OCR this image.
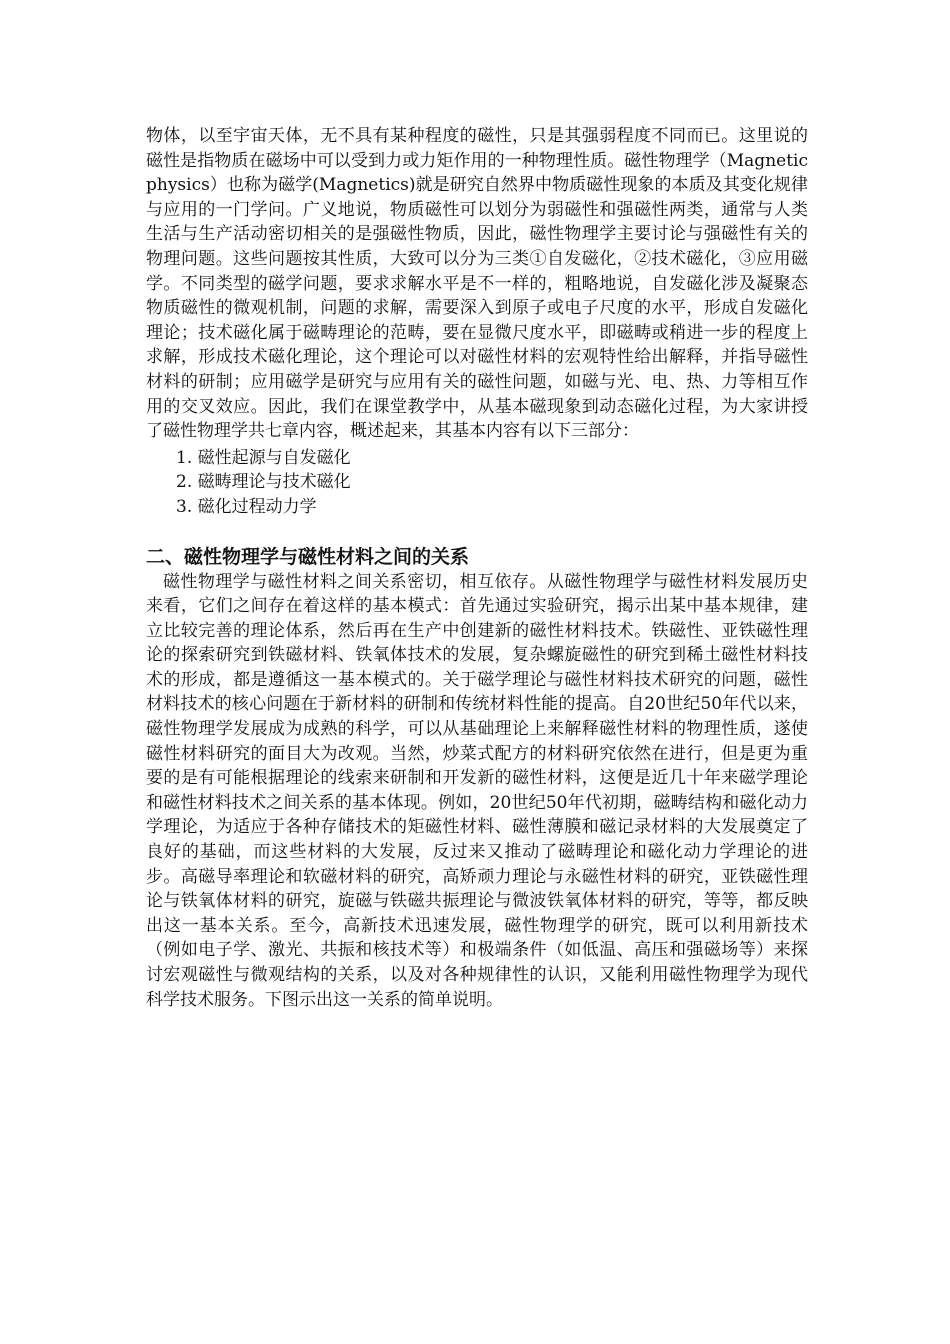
物体，以至宇宙天体，无不具有某种程度的磁性，只是其强弱程度不同而已。这里说的磁性是指物质在磁场中可以受到力或力矩作用的一种物理性质。磁性物理学（Magnetic physics）也称为磁学(Magnetics)就是研究自然界中物质磁性现象的本质及其变化规律与应用的一门学问。广义地说，物质磁性可以划分为弱磁性和强磁性两类，通常与人类生活与生产活动密切相关的是强磁性物质，因此，磁性物理学主要讨论与强磁性有关的物理问题。这些问题按其性质，大致可以分为三类①自发磁化，②技术磁化，③应用磁学。不同类型的磁学问题，要求求解水平是不一样的，粗略地说，自发磁化涉及凝聚态物质磁性的微观机制，问题的求解，需要深入到原子或电子尺度的水平，形成自发磁化理论；技术磁化属于磁畴理论的范畴，要在显微尺度水平，即磁畴或稍进一步的程度上求解，形成技术磁化理论，这个理论可以对磁性材料的宏观特性给出解释，并指导磁性材料的研制；应用磁学是研究与应用有关的磁性问题，如磁与光、电、热、力等相互作用的交叉效应。因此，我们在课堂教学中，从基本磁现象到动态磁化过程，为大家讲授了磁性物理学共七章内容，概述起来，其基本内容有以下三部分：

1. 磁性起源与自发磁化
2. 磁畴理论与技术磁化
3. 磁化过程动力学
二、磁性物理学与磁性材料之间的关系

磁性物理学与磁性材料之间关系密切，相互依存。从磁性物理学与磁性材料发展历史来看，它们之间存在着这样的基本模式：首先通过实验研究，揭示出某中基本规律，建立比较完善的理论体系，然后再在生产中创建新的磁性材料技术。铁磁性、亚铁磁性理论的探索研究到铁磁材料、铁氧体技术的发展，复杂螺旋磁性的研究到稀土磁性材料技术的形成，都是遵循这一基本模式的。关于磁学理论与磁性材料技术研究的问题，磁性材料技术的核心问题在于新材料的研制和传统材料性能的提高。自20世纪50年代以来，磁性物理学发展成为成熟的科学，可以从基础理论上来解释磁性材料的物理性质，遂使磁性材料研究的面目大为改观。当然，炒菜式配方的材料研究依然在进行，但是更为重要的是有可能根据理论的线索来研制和开发新的磁性材料，这便是近几十年来磁学理论和磁性材料技术之间关系的基本体现。例如，20世纪50年代初期，磁畴结构和磁化动力学理论，为适应于各种存储技术的矩磁性材料、磁性薄膜和磁记录材料的大发展奠定了良好的基础，而这些材料的大发展，反过来又推动了磁畴理论和磁化动力学理论的进步。高磁导率理论和软磁材料的研究，高矫顽力理论与永磁性材料的研究，亚铁磁性理论与铁氧体材料的研究，旋磁与铁磁共振理论与微波铁氧体材料的研究，等等，都反映出这一基本关系。至今，高新技术迅速发展，磁性物理学的研究，既可以利用新技术（例如电子学、激光、共振和核技术等）和极端条件（如低温、高压和强磁场等）来探讨宏观磁性与微观结构的关系，以及对各种规律性的认识，又能利用磁性物理学为现代科学技术服务。下图示出这一关系的简单说明。
